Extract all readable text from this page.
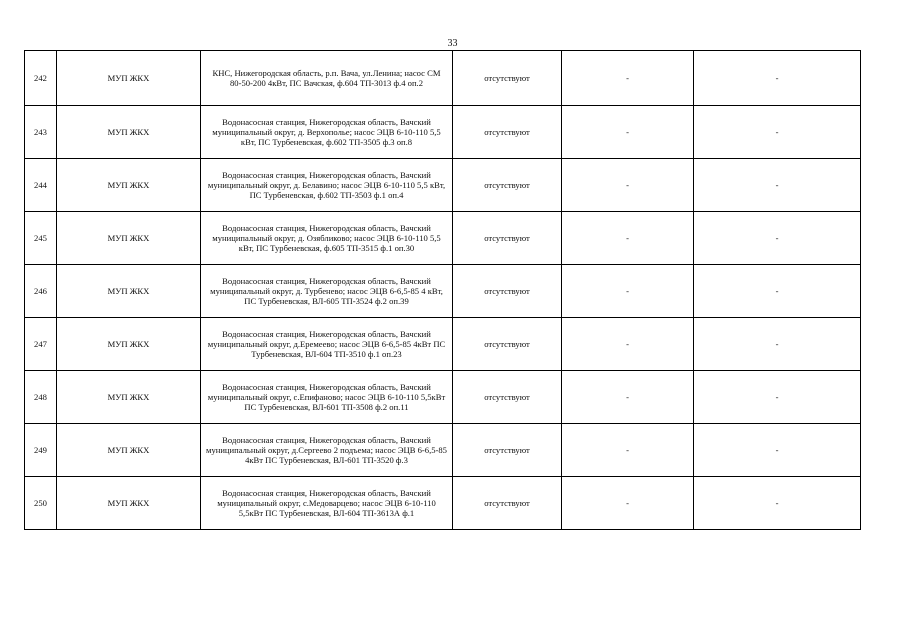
33
242	МУП ЖКХ	КНС, Нижегородская область, р.п. Вача, ул.Ленина; насос СМ 80-50-200 4кВт, ПС Вачская, ф.604 ТП-3013 ф.4 оп.2	отсутствуют	-	-
243	МУП ЖКХ	Водонасосная станция, Нижегородская область, Вачский муниципальный округ, д. Верхополье; насос ЭЦВ 6-10-110 5,5 кВт, ПС Турбеневская, ф.602 ТП-3505 ф.3 оп.8	отсутствуют	-	-
244	МУП ЖКХ	Водонасосная станция, Нижегородская область, Вачский муниципальный округ, д. Белавино; насос ЭЦВ 6-10-110 5,5 кВт, ПС Турбеневская, ф.602 ТП-3503 ф.1 оп.4	отсутствуют	-	-
245	МУП ЖКХ	Водонасосная станция, Нижегородская область, Вачский муниципальный округ, д. Озябликово; насос ЭЦВ 6-10-110 5,5 кВт, ПС Турбеневская, ф.605 ТП-3515 ф.1 оп.30	отсутствуют	-	-
246	МУП ЖКХ	Водонасосная станция, Нижегородская область, Вачский муниципальный округ, д. Турбенево; насос ЭЦВ 6-6,5-85 4 кВт, ПС Турбеневская, ВЛ-605 ТП-3524 ф.2 оп.39	отсутствуют	-	-
247	МУП ЖКХ	Водонасосная станция, Нижегородская область, Вачский муниципальный округ, д.Еремеево; насос ЭЦВ 6-6,5-85 4кВт ПС Турбеневская, ВЛ-604 ТП-3510 ф.1 оп.23	отсутствуют	-	-
248	МУП ЖКХ	Водонасосная станция, Нижегородская область, Вачский муниципальный округ, с.Епифаново; насос ЭЦВ 6-10-110 5,5кВт ПС Турбеневская, ВЛ-601 ТП-3508 ф.2 оп.11	отсутствуют	-	-
249	МУП ЖКХ	Водонасосная станция, Нижегородская область, Вачский муниципальный округ, д.Сергеево 2 подъема; насос ЭЦВ 6-6,5-85 4кВт ПС Турбеневская, ВЛ-601 ТП-3520 ф.3	отсутствуют	-	-
250	МУП ЖКХ	Водонасосная станция, Нижегородская область, Вачский муниципальный округ, с.Медоварцево; насос ЭЦВ 6-10-110 5,5кВт ПС Турбеневская, ВЛ-604 ТП-3613А ф.1	отсутствуют	-	-
